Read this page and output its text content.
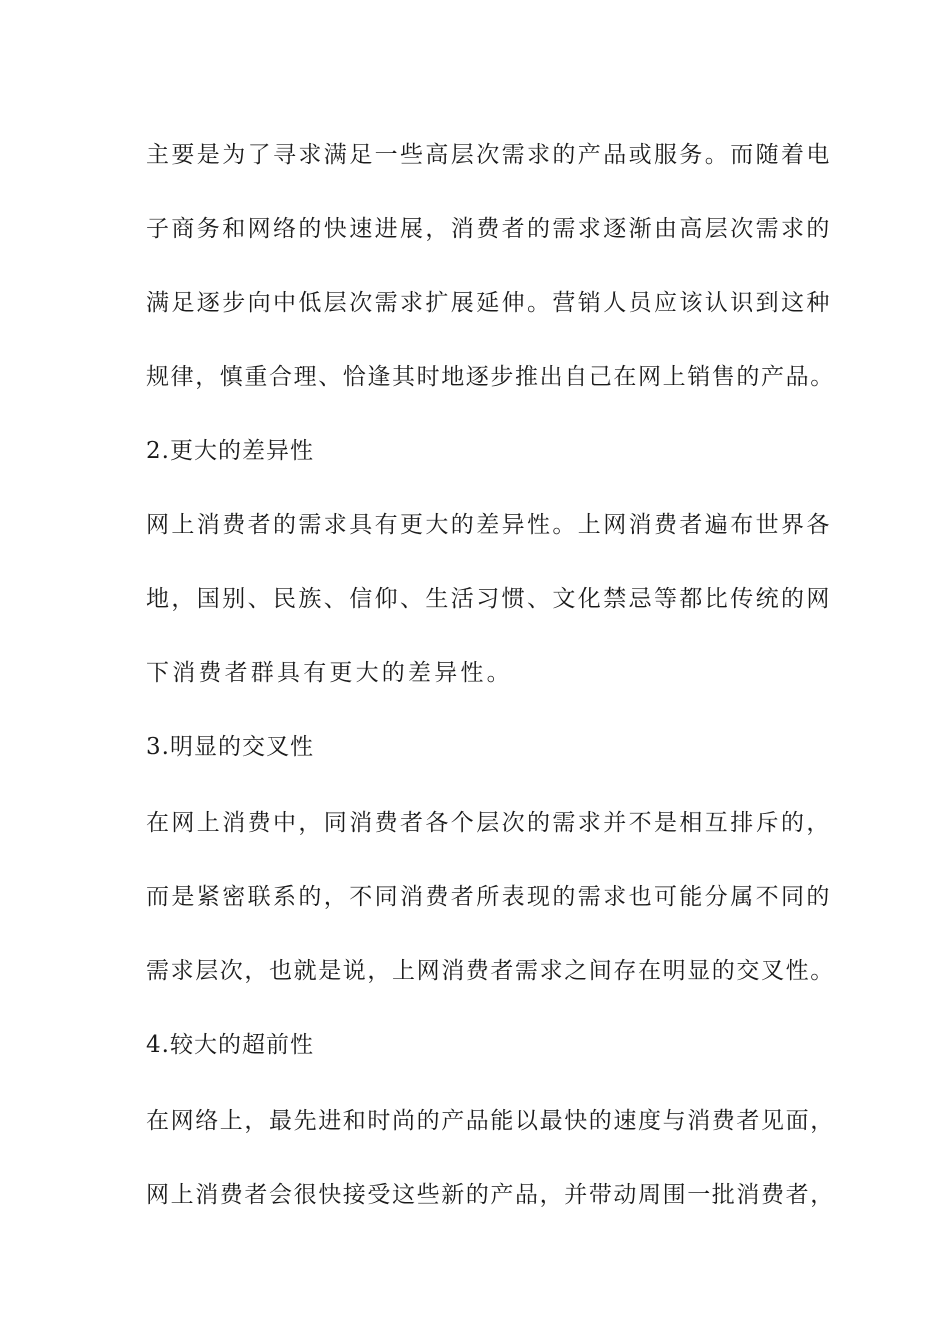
主要是为了寻求满足一些高层次需求的产品或服务。而随着电
子商务和网络的快速进展，消费者的需求逐渐由高层次需求的
满足逐步向中低层次需求扩展延伸。营销人员应该认识到这种
规律，慎重合理、恰逢其时地逐步推出自己在网上销售的产品。
2.更大的差异性
网上消费者的需求具有更大的差异性。上网消费者遍布世界各
地，国别、民族、信仰、生活习惯、文化禁忌等都比传统的网
下消费者群具有更大的差异性。
3.明显的交叉性
在网上消费中，同消费者各个层次的需求并不是相互排斥的，
而是紧密联系的，不同消费者所表现的需求也可能分属不同的
需求层次，也就是说，上网消费者需求之间存在明显的交叉性。
4.较大的超前性
在网络上，最先进和时尚的产品能以最快的速度与消费者见面，
网上消费者会很快接受这些新的产品，并带动周围一批消费者，
